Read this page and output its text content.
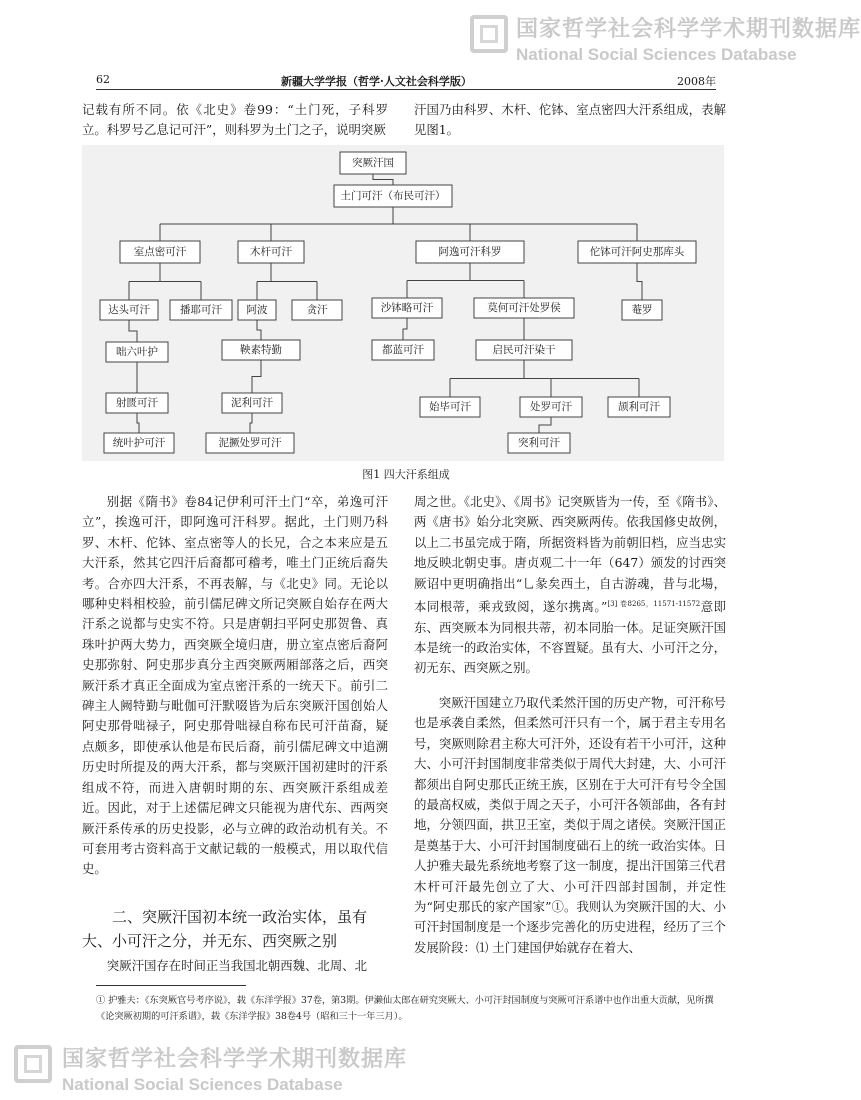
国家哲学社会科学学术期刊数据库
National Social Sciences Database
国家哲学社会科学学术期刊数据库
National Social Sciences Database
62	新疆大学学报（哲学·人文社会科学版）	2008年

记载有所不同。依《北史》卷99：“土门死，子科罗立。科罗号乙息记可汗”，则科罗为土门之子，说明突厥

汗国乃由科罗、木杆、佗钵、室点密四大汗系组成，表解见图1。

突厥汗国
土门可汗（布民可汗）
室点密可汗	木杆可汗	阿逸可汗科罗	佗钵可汗阿史那库头
达头可汗	播耶可汗 阿波	贪汗	沙钵略可汗	莫何可汗处罗侯	菴罗
咄六叶护	鞅素特勤	都蓝可汗	启民可汗染干
射匮可汗	泥利可汗	始毕可汗	处罗可汗	颉利可汗
统叶护可汗	泥撅处罗可汗	突利可汗
图1 四大汗系组成

别据《隋书》卷84记伊利可汗土门“卒，弟逸可汗立”，挨逸可汗，即阿逸可汗科罗。据此，土门则乃科罗、木杆、佗钵、室点密等人的长兄，合之本来应是五大汗系，然其它四汗后裔都可稽考，唯土门正统后裔失考。合亦四大汗系，不再表解，与《北史》同。无论以哪种史料相校验，前引儒尼碑文所记突厥自始存在两大汗系之说都与史实不符。只是唐朝扫平阿史那贺鲁、真珠叶护两大势力，西突厥全境归唐，册立室点密后裔阿史那弥射、阿史那步真分主西突厥两厢部落之后，西突厥汗系才真正全面成为室点密汗系的一统天下。前引二碑主人阙特勤与毗伽可汗默啜皆为后东突厥汗国创始人阿史那骨咄禄子，阿史那骨咄禄自称布民可汗苗裔，疑点颇多，即使承认他是布民后裔，前引儒尼碑文中追溯历史时所提及的两大汗系，都与突厥汗国初建时的汗系组成不符，而进入唐朝时期的东、西突厥汗系组成差近。因此，对于上述儒尼碑文只能视为唐代东、西两突厥汗系传承的历史投影，必与立碑的政治动机有关。不可套用考古资料高于文献记载的一般模式，用以取代信史。

二、突厥汗国初本统一政治实体，虽有大、小可汗之分，并无东、西突厥之别

突厥汗国存在时间正当我国北朝西魏、北周、北

周之世。《北史》、《周书》记突厥皆为一传，至《隋书》、两《唐书》始分北突厥、西突厥两传。依我国修史故例，以上二书虽完成于隋，所据资料皆为前朝旧档，应当忠实地反映北朝史事。唐贞观二十一年（647）颁发的讨西突厥诏中更明确指出“乚彖矣西土，自古游魂，昔与北場，本同根蒂，乘戎致阅，遂尔携离。”$^{[3] 卷8265,11571-11572}$意即东、西突厥本为同根共蒂，初本同胎一体。足证突厥汗国本是统一的政治实体，不容置疑。虽有大、小可汗之分，初无东、西突厥之别。

突厥汗国建立乃取代柔然汗国的历史产物，可汗称号也是承袭自柔然，但柔然可汗只有一个，属于君主专用名号，突厥则除君主称大可汗外，还设有若干小可汗，这种大、小可汗封国制度非常类似于周代大封建，大、小可汗都须出自阿史那氏正统王族，区别在于大可汗有号令全国的最高权威，类似于周之天子，小可汗各领部曲，各有封地，分领四面，拱卫王室，类似于周之诸侯。突厥汗国正是奠基于大、小可汗封国制度础石上的统一政治实体。日人护雅夫最先系统地考察了这一制度，提出汗国第三代君木杆可汗最先创立了大、小可汗四部封国制，并定性为“阿史那氏的家产国家”①。我则认为突厥汗国的大、小可汗封国制度是一个逐步完善化的历史进程，经历了三个发展阶段：⑴ 土门建国伊始就存在着大、

① 护雅夫：《东突厥官号考序说》，载《东洋学报》37卷，第3期。伊濑仙太郎在研究突厥大、小可汗封国制度与突厥可汗系谱中也作出重大贡献，见所撰《论突厥初期的可汗系谱》，载《东洋学报》38卷4号（昭和三十一年三月）。
